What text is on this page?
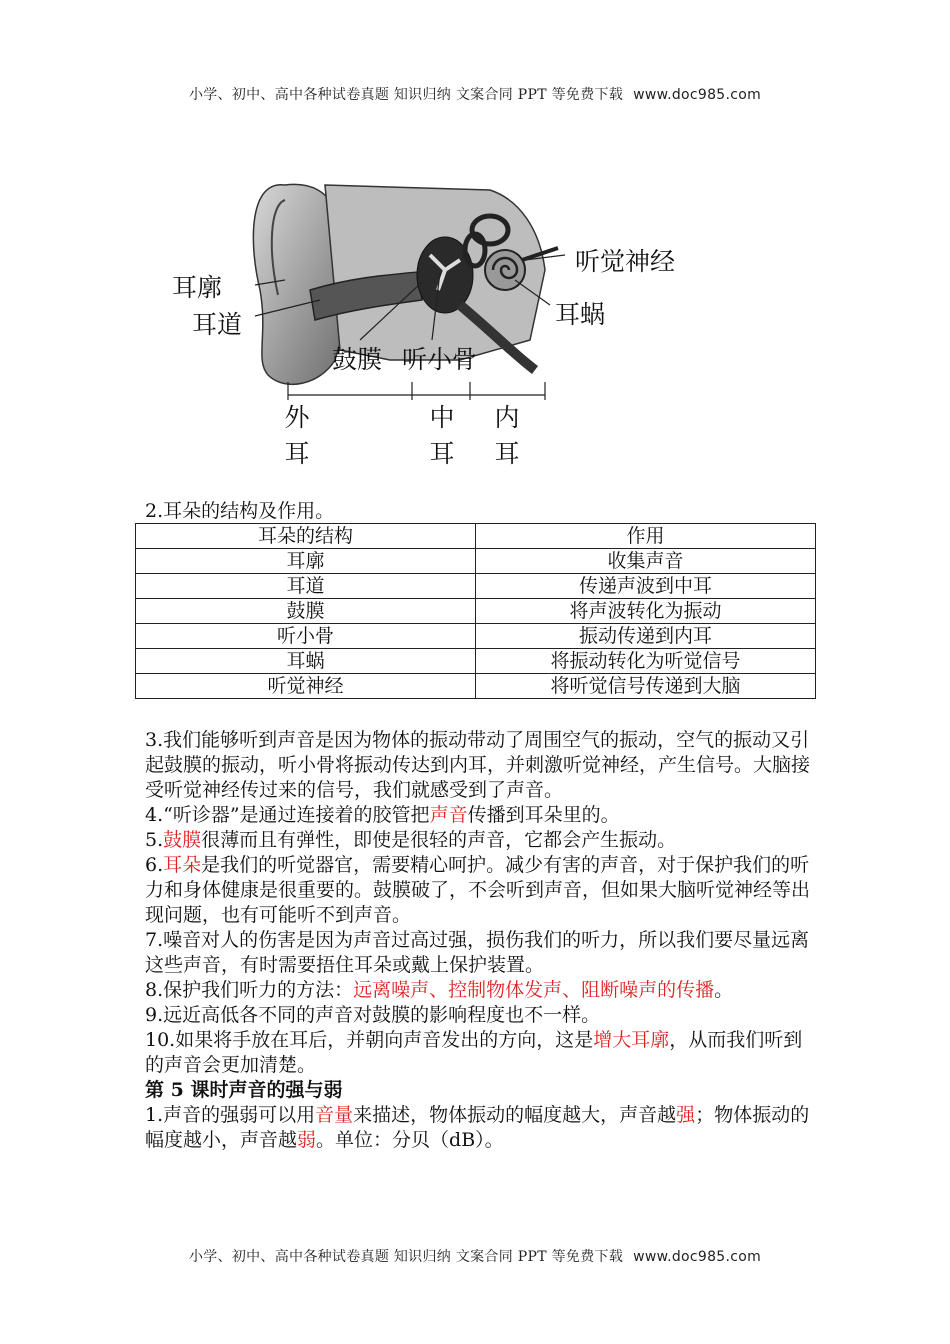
小学、初中、高中各种试卷真题 知识归纳 文案合同 PPT 等免费下载 www.doc985.com
耳廓
耳道
鼓膜 听小骨
听觉神经
耳蜗
外
耳
中
耳
内
耳
2.耳朵的结构及作用。
耳朵的结构	作用
耳廓	收集声音
耳道	传递声波到中耳
鼓膜	将声波转化为振动
听小骨	振动传递到内耳
耳蜗	将振动转化为听觉信号
听觉神经	将听觉信号传递到大脑
3.我们能够听到声音是因为物体的振动带动了周围空气的振动，空气的振动又引起鼓膜的振动，听小骨将振动传达到内耳，并刺激听觉神经，产生信号。大脑接受听觉神经传过来的信号，我们就感受到了声音。
4.“听诊器”是通过连接着的胶管把声音传播到耳朵里的。
5.鼓膜很薄而且有弹性，即使是很轻的声音，它都会产生振动。
6.耳朵是我们的听觉器官，需要精心呵护。减少有害的声音，对于保护我们的听力和身体健康是很重要的。鼓膜破了，不会听到声音，但如果大脑听觉神经等出现问题，也有可能听不到声音。
7.噪音对人的伤害是因为声音过高过强，损伤我们的听力，所以我们要尽量远离这些声音，有时需要捂住耳朵或戴上保护装置。
8.保护我们听力的方法：远离噪声、控制物体发声、阻断噪声的传播。
9.远近高低各不同的声音对鼓膜的影响程度也不一样。
10.如果将手放在耳后，并朝向声音发出的方向，这是增大耳廓，从而我们听到的声音会更加清楚。
第 5 课时声音的强与弱
1.声音的强弱可以用音量来描述，物体振动的幅度越大，声音越强；物体振动的幅度越小，声音越弱。单位：分贝（dB）。
小学、初中、高中各种试卷真题 知识归纳 文案合同 PPT 等免费下载 www.doc985.com
